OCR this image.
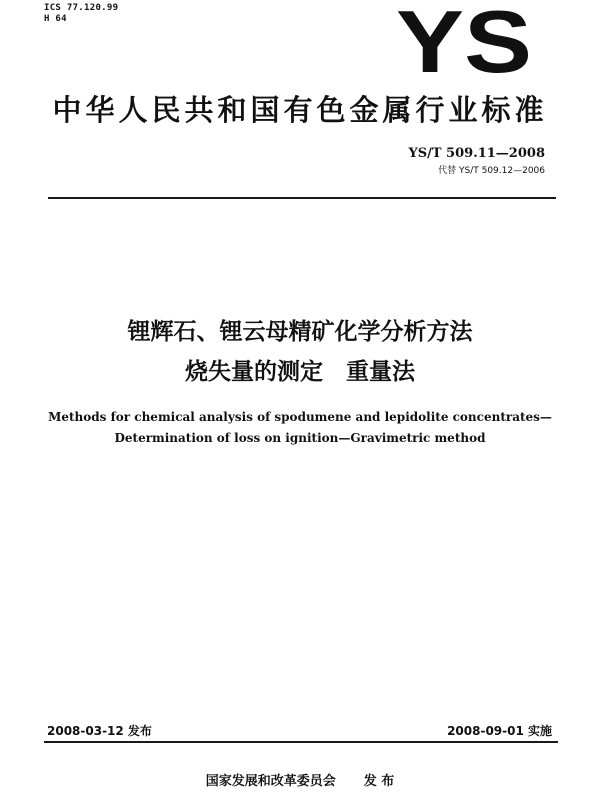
ICS 77.120.99
H 64	YS
中华人民共和国有色金属行业标准
YS/T 509.11—2008
代替 YS/T 509.12—2006
锂辉石、锂云母精矿化学分析方法
烧失量的测定　重量法
Methods for chemical analysis of spodumene and lepidolite concentrates—
Determination of loss on ignition—Gravimetric method
2008-03-12 发布	2008-09-01 实施
国家发展和改革委员会 发 布
